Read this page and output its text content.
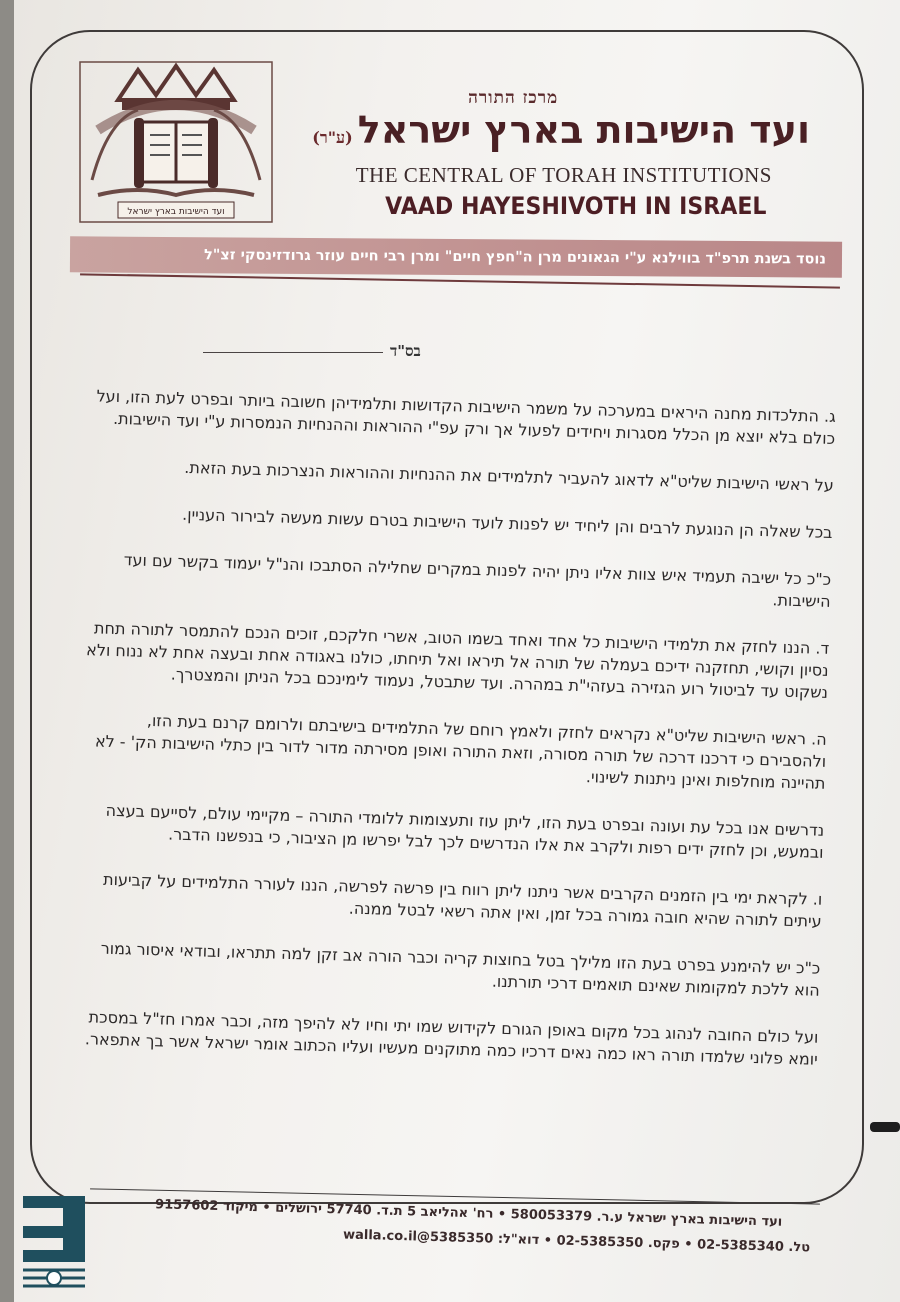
ועד הישיבות בארץ ישראל
מרכז התורה
ועד הישיבות בארץ ישראל (ע"ר)
THE CENTRAL OF TORAH INSTITUTIONS
VAAD HAYESHIVOTH IN ISRAEL
נוסד בשנת תרפ"ד בווילנא ע"י הגאונים מרן ה"חפץ חיים" ומרן רבי חיים עוזר גרודזינסקי זצ"ל
בס"ד

ג. התלכדות מחנה היראים במערכה על משמר הישיבות הקדושות ותלמידיהן חשובה ביותר ובפרט לעת הזו, ועל כולם בלא יוצא מן הכלל מסגרות ויחידים לפעול אך ורק עפ"י ההוראות וההנחיות הנמסרות ע"י ועד הישיבות.

על ראשי הישיבות שליט"א לדאוג להעביר לתלמידים את ההנחיות וההוראות הנצרכות בעת הזאת.

בכל שאלה הן הנוגעת לרבים והן ליחיד יש לפנות לועד הישיבות בטרם עשות מעשה לבירור העניין.

כ"כ כל ישיבה תעמיד איש צוות אליו ניתן יהיה לפנות במקרים שחלילה הסתבכו והנ"ל יעמוד בקשר עם ועד הישיבות.

ד. הננו לחזק את תלמידי הישיבות כל אחד ואחד בשמו הטוב, אשרי חלקכם, זוכים הנכם להתמסר לתורה תחת נסיון וקושי, תחזקנה ידיכם בעמלה של תורה אל תיראו ואל תיחתו, כולנו באגודה אחת ובעצה אחת לא ננוח ולא נשקוט עד לביטול רוע הגזירה בעזהי"ת במהרה. ועד שתבטל, נעמוד לימינכם בכל הניתן והמצטרך.

ה. ראשי הישיבות שליט"א נקראים לחזק ולאמץ רוחם של התלמידים בישיבתם ולרומם קרנם בעת הזו, ולהסבירם כי דרכנו דרכה של תורה מסורה, וזאת התורה ואופן מסירתה מדור לדור בין כתלי הישיבות הק' - לא תהיינה מוחלפות ואינן ניתנות לשינוי.

נדרשים אנו בכל עת ועונה ובפרט בעת הזו, ליתן עוז ותעצומות ללומדי התורה – מקיימי עולם, לסייעם בעצה ובמעש, וכן לחזק ידים רפות ולקרב את אלו הנדרשים לכך לבל יפרשו מן הציבור, כי בנפשנו הדבר.

ו. לקראת ימי בין הזמנים הקרבים אשר ניתנו ליתן רווח בין פרשה לפרשה, הננו לעורר התלמידים על קביעות עיתים לתורה שהיא חובה גמורה בכל זמן, ואין אתה רשאי לבטל ממנה.

כ"כ יש להימנע בפרט בעת הזו מלילך בטל בחוצות קריה וכבר הורה אב זקן למה תתראו, ובודאי איסור גמור הוא ללכת למקומות שאינם תואמים דרכי תורתנו.

ועל כולם החובה לנהוג בכל מקום באופן הגורם לקידוש שמו יתי וחיו לא להיפך מזה, וכבר אמרו חז"ל במסכת יומא פלוני שלמדו תורה ראו כמה נאים דרכיו כמה מתוקנים מעשיו ועליו הכתוב אומר ישראל אשר בך אתפאר.

ועד הישיבות בארץ ישראל ע.ר. 580053379 • רח' אהליאב 5 ת.ד. 57740 ירושלים • מיקוד 9157602
טל. 02-5385340 • פקס. 02-5385350 • דוא"ל: 5385350@walla.co.il
